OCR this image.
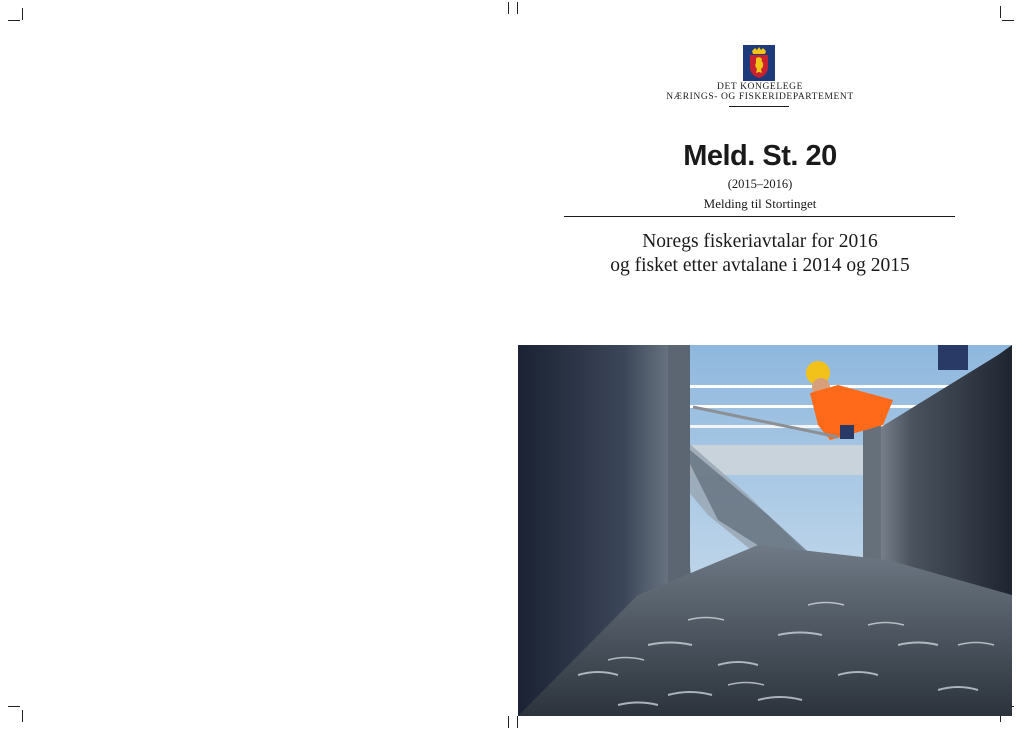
DET KONGELEGE
NÆRINGS- OG FISKERIDEPARTEMENT
Meld. St. 20
(2015–2016)
Melding til Stortinget
Noregs fiskeriavtalar for 2016
og fisket etter avtalane i 2014 og 2015
